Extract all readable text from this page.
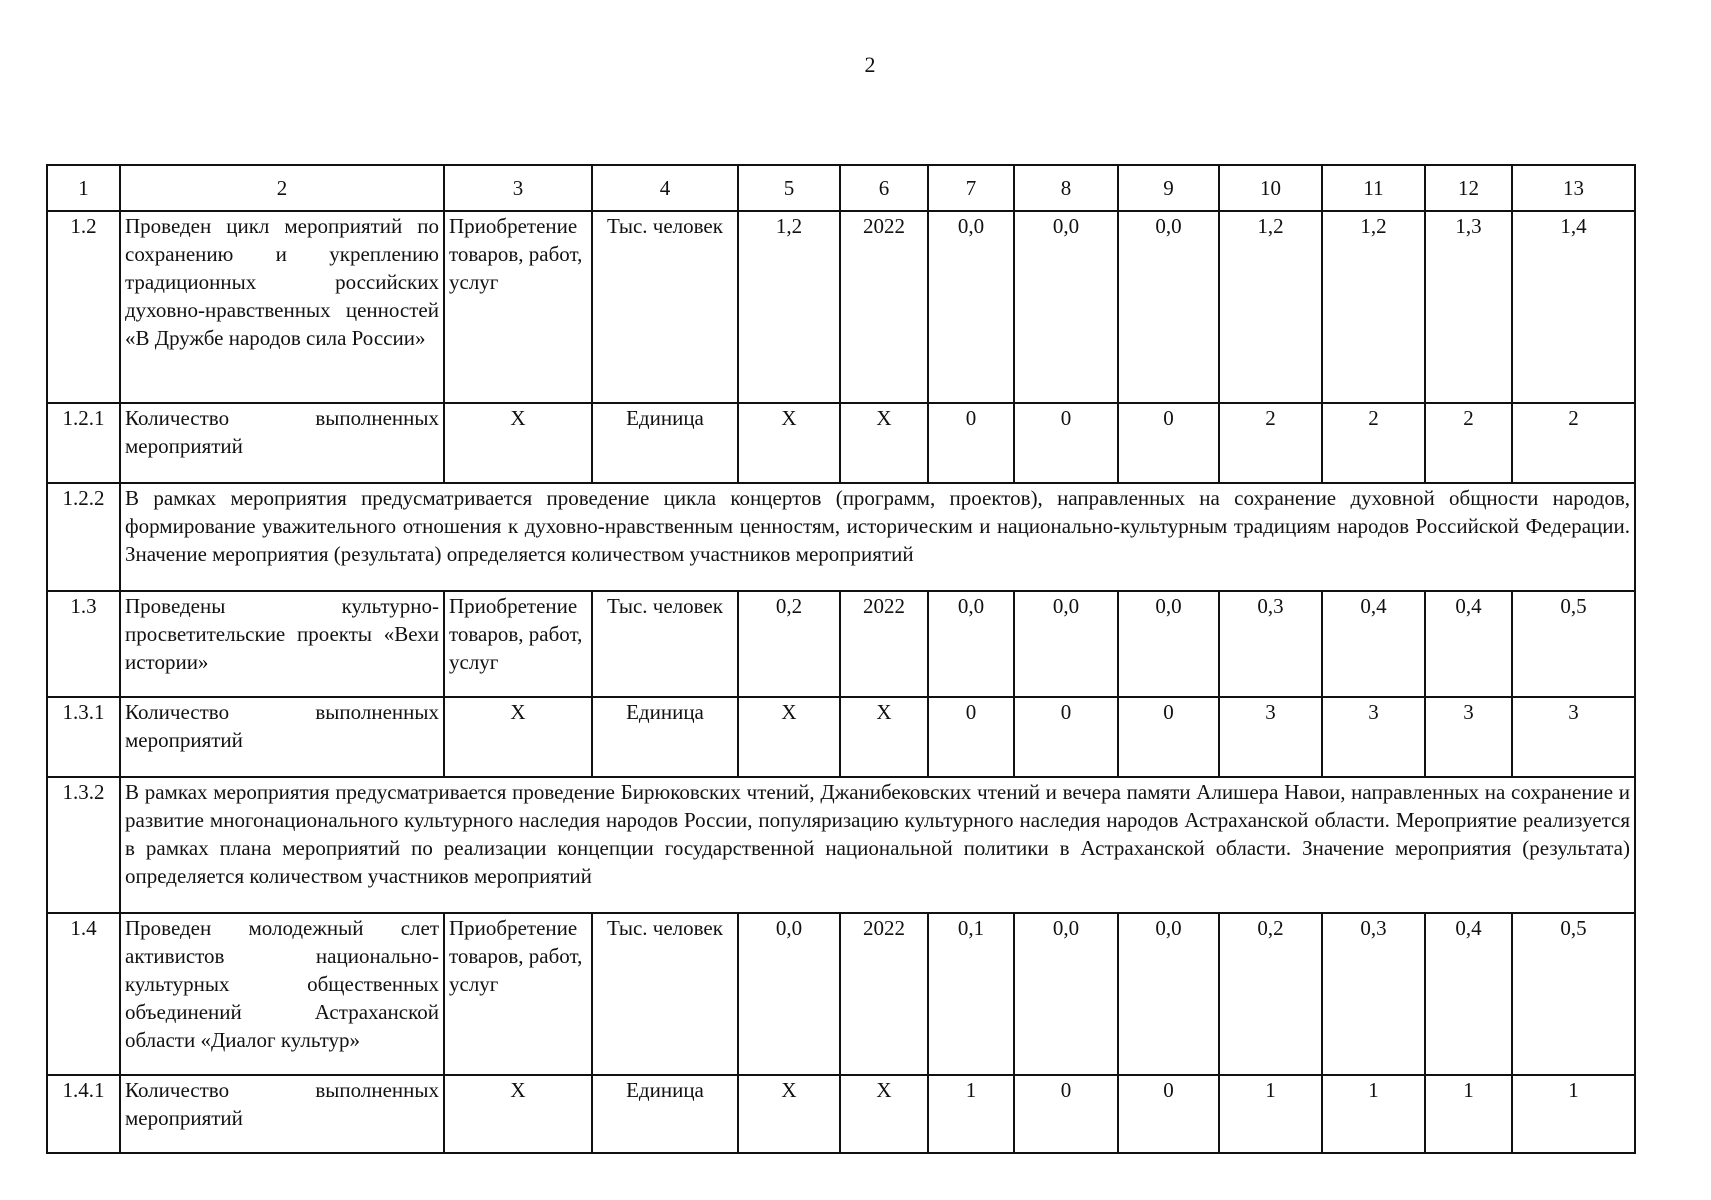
2
1	2	3	4	5	6	7	8	9	10	11	12	13
1.2	Проведен цикл мероприятий по сохранению и укреплению традиционных российских духовно-нравственных ценностей «В Дружбе народов сила России»	Приобретение товаров, работ, услуг	Тыс. человек	1,2	2022	0,0	0,0	0,0	1,2	1,2	1,3	1,4
1.2.1	Количество выполненных мероприятий	X	Единица	X	X	0	0	0	2	2	2	2
1.2.2	В рамках мероприятия предусматривается проведение цикла концертов (программ, проектов), направленных на сохранение духовной общности народов, формирование уважительного отношения к духовно-нравственным ценностям, историческим и национально-культурным традициям народов Российской Федерации. Значение мероприятия (результата) определяется количеством участников мероприятий											
1.3	Проведены культурно-просветительские проекты «Вехи истории»	Приобретение товаров, работ, услуг	Тыс. человек	0,2	2022	0,0	0,0	0,0	0,3	0,4	0,4	0,5
1.3.1	Количество выполненных мероприятий	X	Единица	X	X	0	0	0	3	3	3	3
1.3.2	В рамках мероприятия предусматривается проведение Бирюковских чтений, Джанибековских чтений и вечера памяти Алишера Навои, направленных на сохранение и развитие многонационального культурного наследия народов России, популяризацию культурного наследия народов Астраханской области. Мероприятие реализуется в рамках плана мероприятий по реализации концепции государственной национальной политики в Астраханской области. Значение мероприятия (результата) определяется количеством участников мероприятий											
1.4	Проведен молодежный слет активистов национально-культурных общественных объединений Астраханской области «Диалог культур»	Приобретение товаров, работ, услуг	Тыс. человек	0,0	2022	0,1	0,0	0,0	0,2	0,3	0,4	0,5
1.4.1	Количество выполненных мероприятий	X	Единица	X	X	1	0	0	1	1	1	1
